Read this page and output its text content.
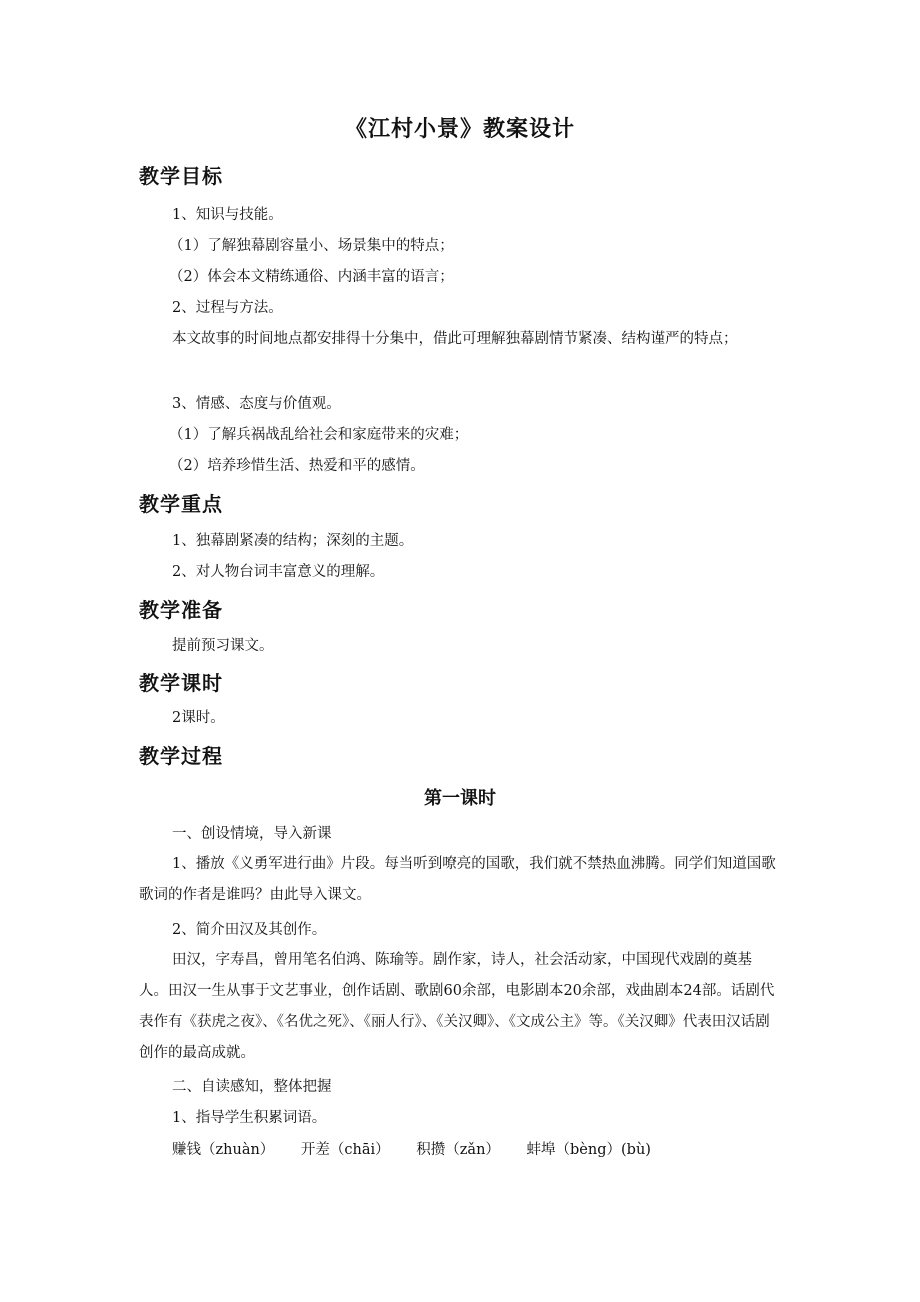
《江村小景》教案设计
教学目标
1、知识与技能。
（1）了解独幕剧容量小、场景集中的特点；
（2）体会本文精练通俗、内涵丰富的语言；
2、过程与方法。
本文故事的时间地点都安排得十分集中，借此可理解独幕剧情节紧凑、结构谨严的特点；
3、情感、态度与价值观。
（1）了解兵祸战乱给社会和家庭带来的灾难；
（2）培养珍惜生活、热爱和平的感情。
教学重点
1、独幕剧紧凑的结构；深刻的主题。
2、对人物台词丰富意义的理解。
教学准备
提前预习课文。
教学课时
2课时。
教学过程
第一课时
一、创设情境，导入新课
1、播放《义勇军进行曲》片段。每当听到嘹亮的国歌，我们就不禁热血沸腾。同学们知道国歌歌词的作者是谁吗？由此导入课文。
2、简介田汉及其创作。
田汉，字寿昌，曾用笔名伯鸿、陈瑜等。剧作家，诗人，社会活动家，中国现代戏剧的奠基人。田汉一生从事于文艺事业，创作话剧、歌剧60余部，电影剧本20余部，戏曲剧本24部。话剧代表作有《获虎之夜》、《名优之死》、《丽人行》、《关汉卿》、《文成公主》等。《关汉卿》代表田汉话剧创作的最高成就。
二、自读感知，整体把握
1、指导学生积累词语。
赚钱（zhuàn） 开差（chāi） 积攒（zǎn） 蚌埠（bèng）(bù)
